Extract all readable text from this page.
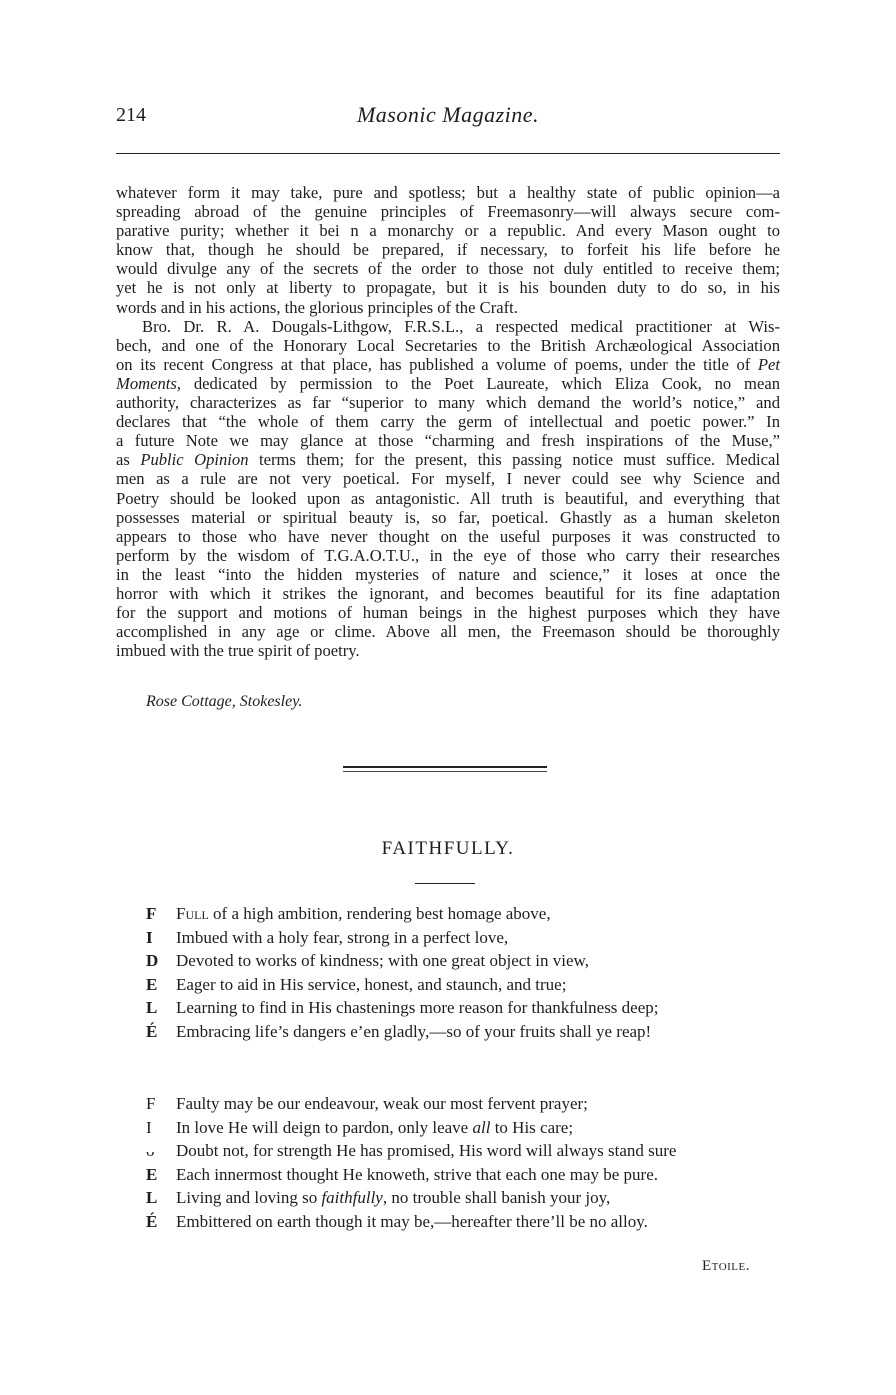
214	Masonic Magazine.

whatever form it may take, pure and spotless; but a healthy state of public opinion—a
spreading abroad of the genuine principles of Freemasonry—will always secure com-
parative purity; whether it bei n a monarchy or a republic. And every Mason ought to
know that, though he should be prepared, if necessary, to forfeit his life before he
would divulge any of the secrets of the order to those not duly entitled to receive them;
yet he is not only at liberty to propagate, but it is his bounden duty to do so, in his
words and in his actions, the glorious principles of the Craft.

Bro. Dr. R. A. Dougals-Lithgow, F.R.S.L., a respected medical practitioner at Wis-
bech, and one of the Honorary Local Secretaries to the British Archæological Association
on its recent Congress at that place, has published a volume of poems, under the title of Pet
Moments, dedicated by permission to the Poet Laureate, which Eliza Cook, no mean
authority, characterizes as far “superior to many which demand the world’s notice,” and
declares that “the whole of them carry the germ of intellectual and poetic power.” In
a future Note we may glance at those “charming and fresh inspirations of the Muse,”
as Public Opinion terms them; for the present, this passing notice must suffice. Medical
men as a rule are not very poetical. For myself, I never could see why Science and
Poetry should be looked upon as antagonistic. All truth is beautiful, and everything that
possesses material or spiritual beauty is, so far, poetical. Ghastly as a human skeleton
appears to those who have never thought on the useful purposes it was constructed to
perform by the wisdom of T.G.A.O.T.U., in the eye of those who carry their researches
in the least “into the hidden mysteries of nature and science,” it loses at once the
horror with which it strikes the ignorant, and becomes beautiful for its fine adaptation
for the support and motions of human beings in the highest purposes which they have
accomplished in any age or clime. Above all men, the Freemason should be thoroughly
imbued with the true spirit of poetry.

Rose Cottage, Stokesley.
FAITHFULLY.
F	Full of a high ambition, rendering best homage above,
I	Imbued with a holy fear, strong in a perfect love,
D	Devoted to works of kindness; with one great object in view,
E	Eager to aid in His service, honest, and staunch, and true;
L	Learning to find in His chastenings more reason for thankfulness deep;
É	Embracing life’s dangers e’en gladly,—so of your fruits shall ye reap!
F	Faulty may be our endeavour, weak our most fervent prayer;
I	In love He will deign to pardon, only leave all to His care;
ᴗ	Doubt not, for strength He has promised, His word will always stand sure
E	Each innermost thought He knoweth, strive that each one may be pure.
L	Living and loving so faithfully, no trouble shall banish your joy,
É	Embittered on earth though it may be,—hereafter there’ll be no alloy.
Etoile.
